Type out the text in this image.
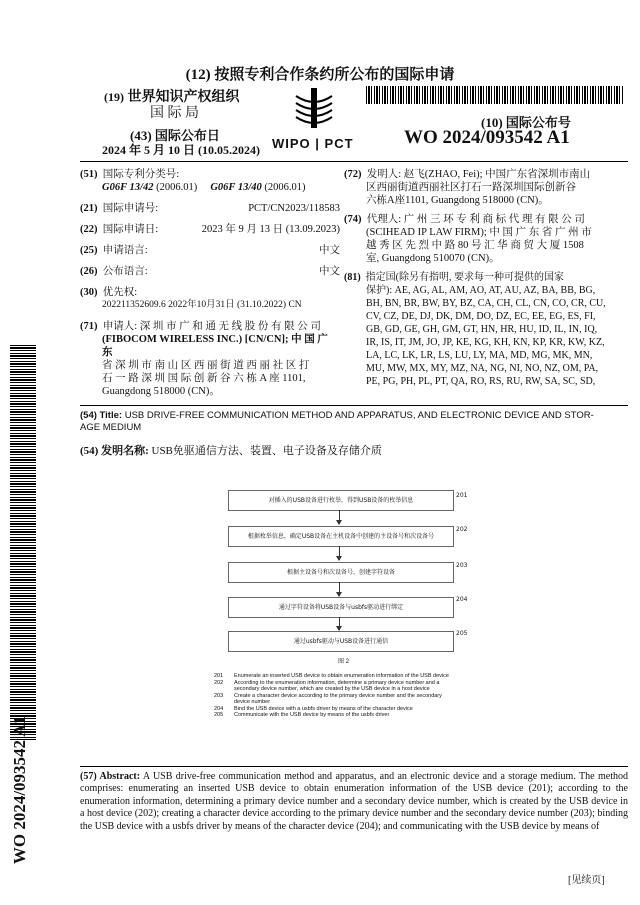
(12) 按照专利合作条约所公布的国际申请
(19) 世界知识产权组织
国 际 局
(43) 国际公布日
2024 年 5 月 10 日 (10.05.2024) WIPO | PCT
(10) 国际公布号
WO 2024/093542 A1
(51) 国际专利分类号:
G06F 13/42 (2006.01) G06F 13/40 (2006.01)
(21) 国际申请号:	PCT/CN2023/118583
(22) 国际申请日:	2023 年 9 月 13 日 (13.09.2023)
(25) 申请语言:	中文
(26) 公布语言:	中文
(30) 优先权:
202211352609.6 2022年10月31日 (31.10.2022) CN
(71) 申请人: 深 圳 市 广 和 通 无 线 股 份 有 限 公 司
(FIBOCOM WIRELESS INC.) [CN/CN]; 中 国 广 东
省 深 圳 市 南 山 区 西 丽 街 道 西 丽 社 区 打
石 一 路 深 圳 国 际 创 新 谷 六 栋 A 座 1101,
Guangdong 518000 (CN)。
(72) 发明人: 赵飞(ZHAO, Fei); 中国广东省深圳市南山
区西丽街道西丽社区打石一路深圳国际创新谷
六栋A座1101, Guangdong 518000 (CN)。
(74) 代理人: 广 州 三 环 专 利 商 标 代 理 有 限 公 司
(SCIHEAD IP LAW FIRM); 中 国 广 东 省 广 州 市
越 秀 区 先 烈 中 路 80 号 汇 华 商 贸 大 厦 1508
室, Guangdong 510070 (CN)。
(81) 指定国(除另有指明, 要求每一种可提供的国家
保护): AE, AG, AL, AM, AO, AT, AU, AZ, BA, BB, BG,
BH, BN, BR, BW, BY, BZ, CA, CH, CL, CN, CO, CR, CU,
CV, CZ, DE, DJ, DK, DM, DO, DZ, EC, EE, EG, ES, FI,
GB, GD, GE, GH, GM, GT, HN, HR, HU, ID, IL, IN, IQ,
IR, IS, IT, JM, JO, JP, KE, KG, KH, KN, KP, KR, KW, KZ,
LA, LC, LK, LR, LS, LU, LY, MA, MD, MG, MK, MN,
MU, MW, MX, MY, MZ, NA, NG, NI, NO, NZ, OM, PA,
PE, PG, PH, PL, PT, QA, RO, RS, RU, RW, SA, SC, SD,
WO 2024/093542 A1
(54) Title: USB DRIVE-FREE COMMUNICATION METHOD AND APPARATUS, AND ELECTRONIC DEVICE AND STOR-
AGE MEDIUM
(54) 发明名称: USB免驱通信方法、装置、电子设备及存储介质
对插入的USB设备进行枚举，得到USB设备的枚举信息
201
根据枚举信息，确定USB设备在主机设备中创建的主设备号和次设备号
202
根据主设备号和次设备号，创建字符设备
203
通过字符设备将USB设备与usbfs驱动进行绑定
204
通过usbfs驱动与USB设备进行通信
205
图 2
201	Enumerate an inserted USB device to obtain enumeration information of the USB device
202	According to the enumeration information, determine a primary device number and a secondary device number, which are created by the USB device in a host device
203	Create a character device according to the primary device number and the secondary device number
204	Bind the USB device with a usbfs driver by means of the character device
205	Communicate with the USB device by means of the usbfs driver
(57) Abstract: A USB drive-free communication method and apparatus, and an electronic device and a storage medium. The method comprises: enumerating an inserted USB device to obtain enumeration information of the USB device (201); according to the enumeration information, determining a primary device number and a secondary device number, which is created by the USB device in a host device (202); creating a character device according to the primary device number and the secondary device number (203); binding the USB device with a usbfs driver by means of the character device (204); and communicating with the USB device by means of
[见续页]
